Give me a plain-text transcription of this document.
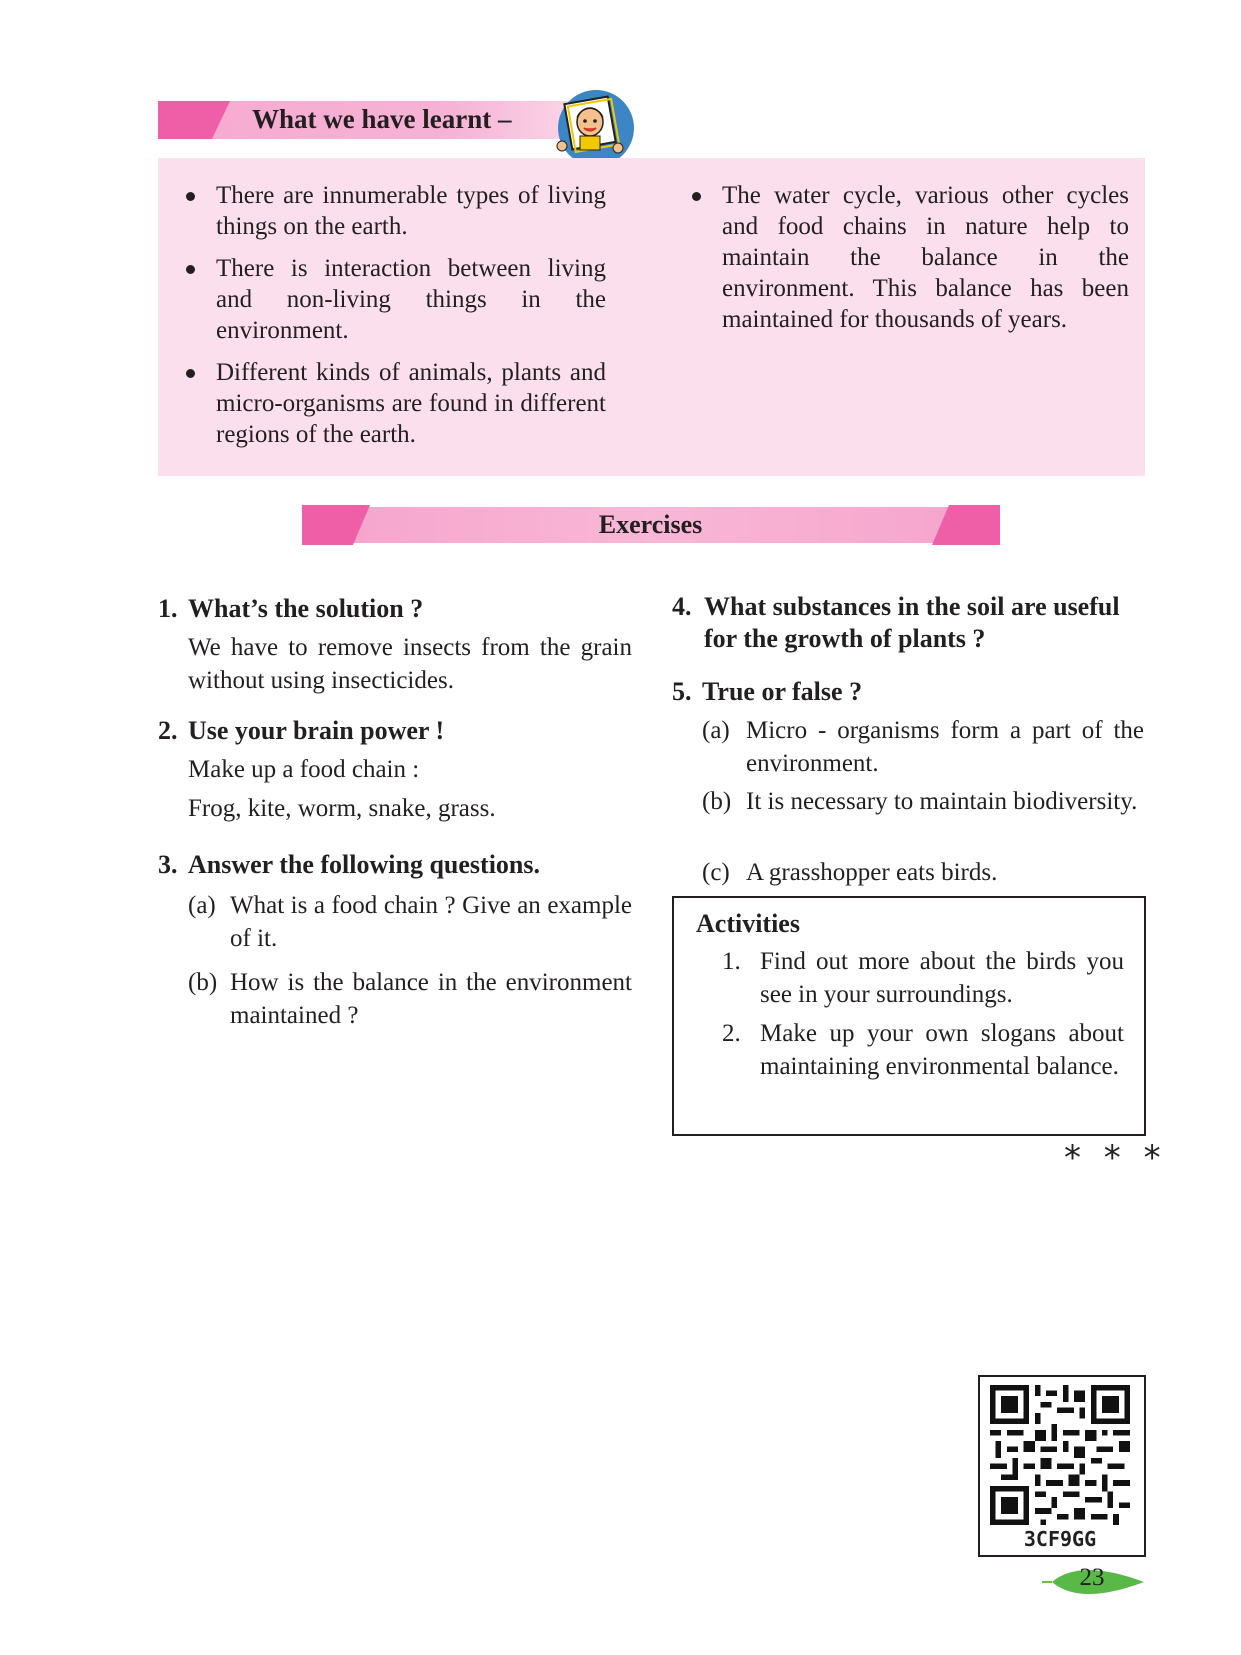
What we have learnt –
There are innumerable types of living things on the earth.
There is interaction between living and non-living things in the environment.
Different kinds of animals, plants and micro-organisms are found in different regions of the earth.
The water cycle, various other cycles and food chains in nature help to maintain the balance in the environment. This balance has been maintained for thousands of years.
Exercises
1. What’s the solution ?
We have to remove insects from the grain without using insecticides.
2. Use your brain power !
Make up a food chain :
Frog, kite, worm, snake, grass.
3. Answer the following questions.
(a) What is a food chain ? Give an example of it.
(b) How is the balance in the environment maintained ?
4. What substances in the soil are useful for the growth of plants ?
5. True or false ?
(a) Micro - organisms form a part of the environment.
(b) It is necessary to maintain biodiversity.
(c) A grasshopper eats birds.
Activities
1. Find out more about the birds you see in your surroundings.
2. Make up your own slogans about maintaining environmental balance.
* * *
3CF9GG
23
